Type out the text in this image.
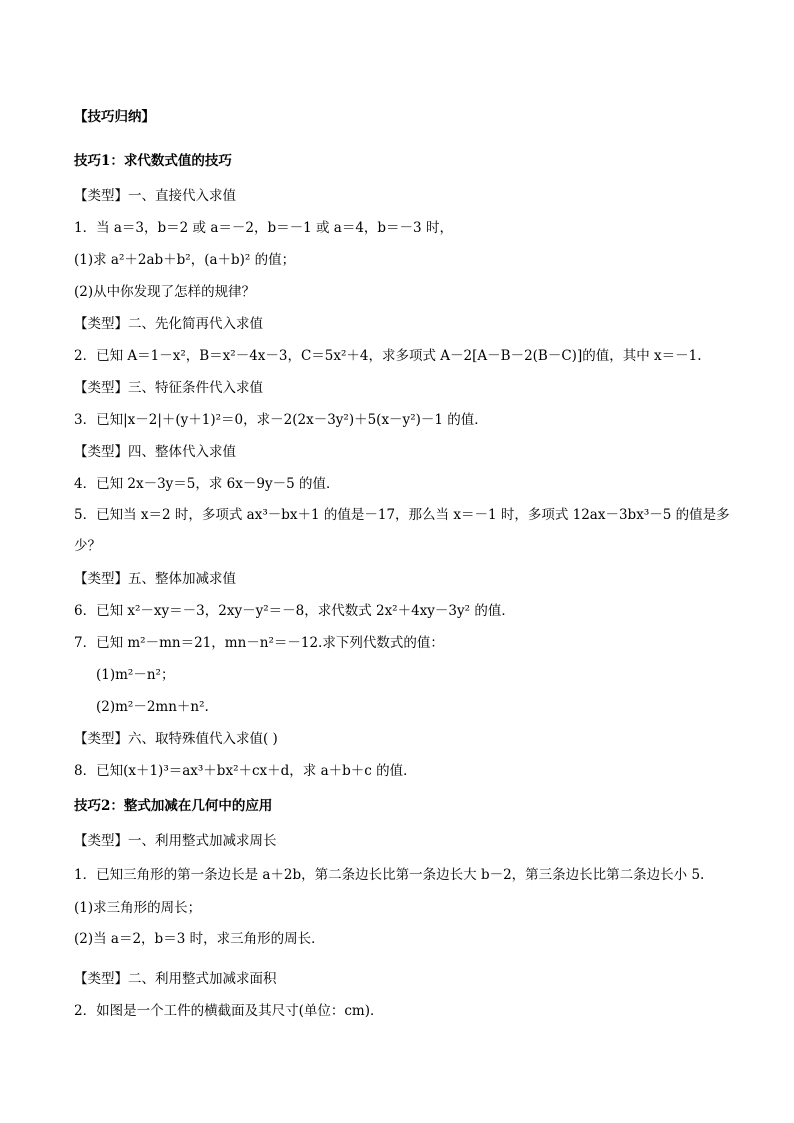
【技巧归纳】
技巧1：求代数式值的技巧
【类型】一、直接代入求值
1．当 a＝3，b＝2 或 a＝－2，b＝－1 或 a＝4，b＝－3 时，
(1)求 a²＋2ab＋b²，(a＋b)² 的值；
(2)从中你发现了怎样的规律？
【类型】二、先化简再代入求值
2．已知 A＝1－x²，B＝x²－4x－3，C＝5x²＋4，求多项式 A－2[A－B－2(B－C)]的值，其中 x＝－1.
【类型】三、特征条件代入求值
3．已知|x－2|＋(y＋1)²＝0，求－2(2x－3y²)＋5(x－y²)－1 的值．
【类型】四、整体代入求值
4．已知 2x－3y＝5，求 6x－9y－5 的值．
5．已知当 x＝2 时，多项式 ax³－bx＋1 的值是－17，那么当 x＝－1 时，多项式 12ax－3bx³－5 的值是多
少？
【类型】五、整体加减求值
6．已知 x²－xy＝－3，2xy－y²＝－8，求代数式 2x²＋4xy－3y² 的值．
7．已知 m²－mn＝21，mn－n²＝－12.求下列代数式的值：
(1)m²－n²；
(2)m²－2mn＋n².
【类型】六、取特殊值代入求值( )
8．已知(x＋1)³＝ax³＋bx²＋cx＋d，求 a＋b＋c 的值．
技巧2：整式加减在几何中的应用
【类型】一、利用整式加减求周长
1．已知三角形的第一条边长是 a＋2b，第二条边长比第一条边长大 b－2，第三条边长比第二条边长小 5.
(1)求三角形的周长；
(2)当 a＝2，b＝3 时，求三角形的周长．
【类型】二、利用整式加减求面积
2．如图是一个工件的横截面及其尺寸(单位：cm)．
